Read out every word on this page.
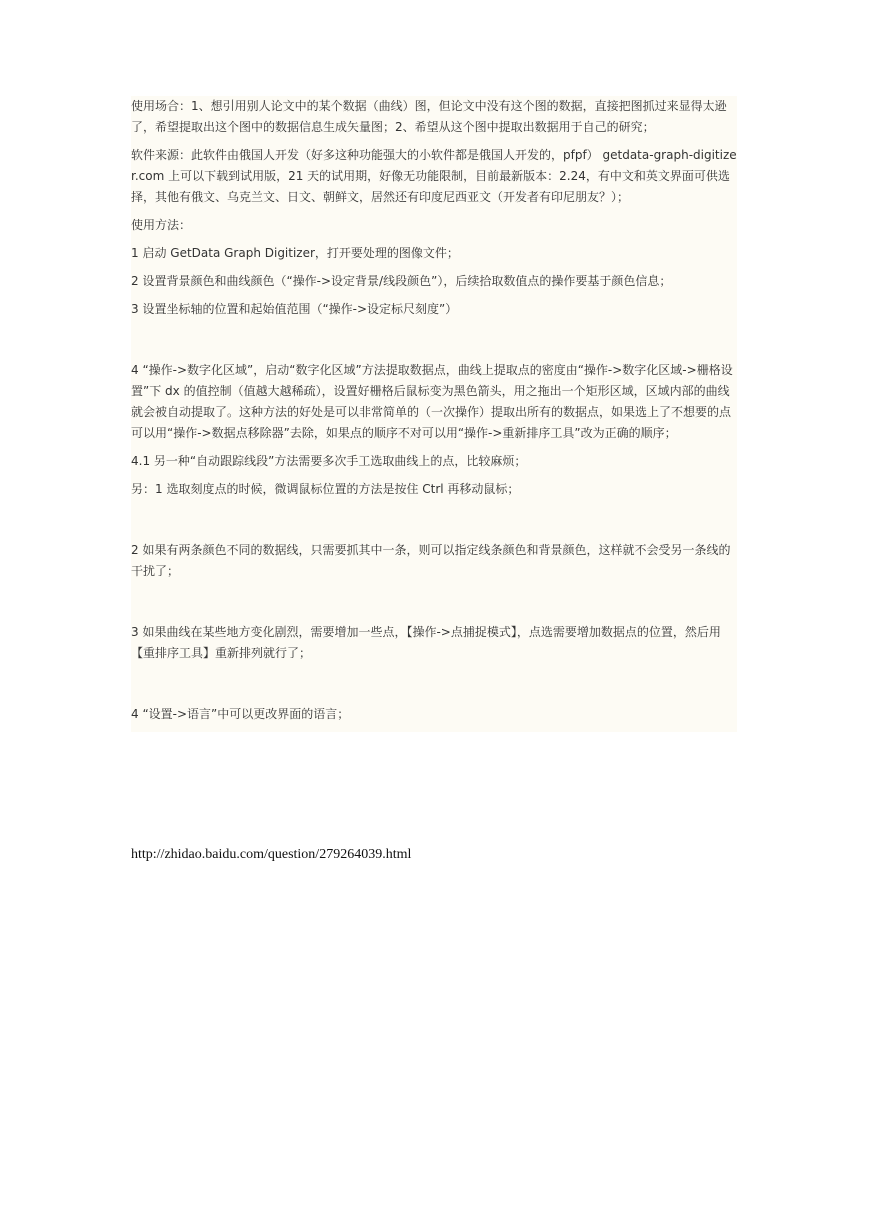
使用场合：1、想引用别人论文中的某个数据（曲线）图，但论文中没有这个图的数据，直接把图抓过来显得太逊了，希望提取出这个图中的数据信息生成矢量图；2、希望从这个图中提取出数据用于自己的研究；

软件来源：此软件由俄国人开发（好多这种功能强大的小软件都是俄国人开发的，pfpf） getdata-graph-digitizer.com 上可以下载到试用版，21 天的试用期，好像无功能限制，目前最新版本：2.24，有中文和英文界面可供选择，其他有俄文、乌克兰文、日文、朝鲜文，居然还有印度尼西亚文（开发者有印尼朋友？）；

使用方法：

1 启动 GetData Graph Digitizer，打开要处理的图像文件；

2 设置背景颜色和曲线颜色（“操作->设定背景/线段颜色”），后续拾取数值点的操作要基于颜色信息；

3 设置坐标轴的位置和起始值范围（“操作->设定标尺刻度”）

4 “操作->数字化区域”，启动“数字化区域”方法提取数据点，曲线上提取点的密度由“操作->数字化区域->栅格设置”下 dx 的值控制（值越大越稀疏），设置好栅格后鼠标变为黑色箭头，用之拖出一个矩形区域，区域内部的曲线就会被自动提取了。这种方法的好处是可以非常简单的（一次操作）提取出所有的数据点，如果选上了不想要的点可以用“操作->数据点移除器”去除，如果点的顺序不对可以用“操作->重新排序工具”改为正确的顺序；

4.1 另一种“自动跟踪线段”方法需要多次手工选取曲线上的点，比较麻烦；

另：1 选取刻度点的时候，微调鼠标位置的方法是按住 Ctrl 再移动鼠标；

2 如果有两条颜色不同的数据线，只需要抓其中一条，则可以指定线条颜色和背景颜色，这样就不会受另一条线的干扰了；

3 如果曲线在某些地方变化剧烈，需要增加一些点，【操作->点捕捉模式】，点选需要增加数据点的位置，然后用【重排序工具】重新排列就行了；

4 “设置->语言”中可以更改界面的语言；

http://zhidao.baidu.com/question/279264039.html
